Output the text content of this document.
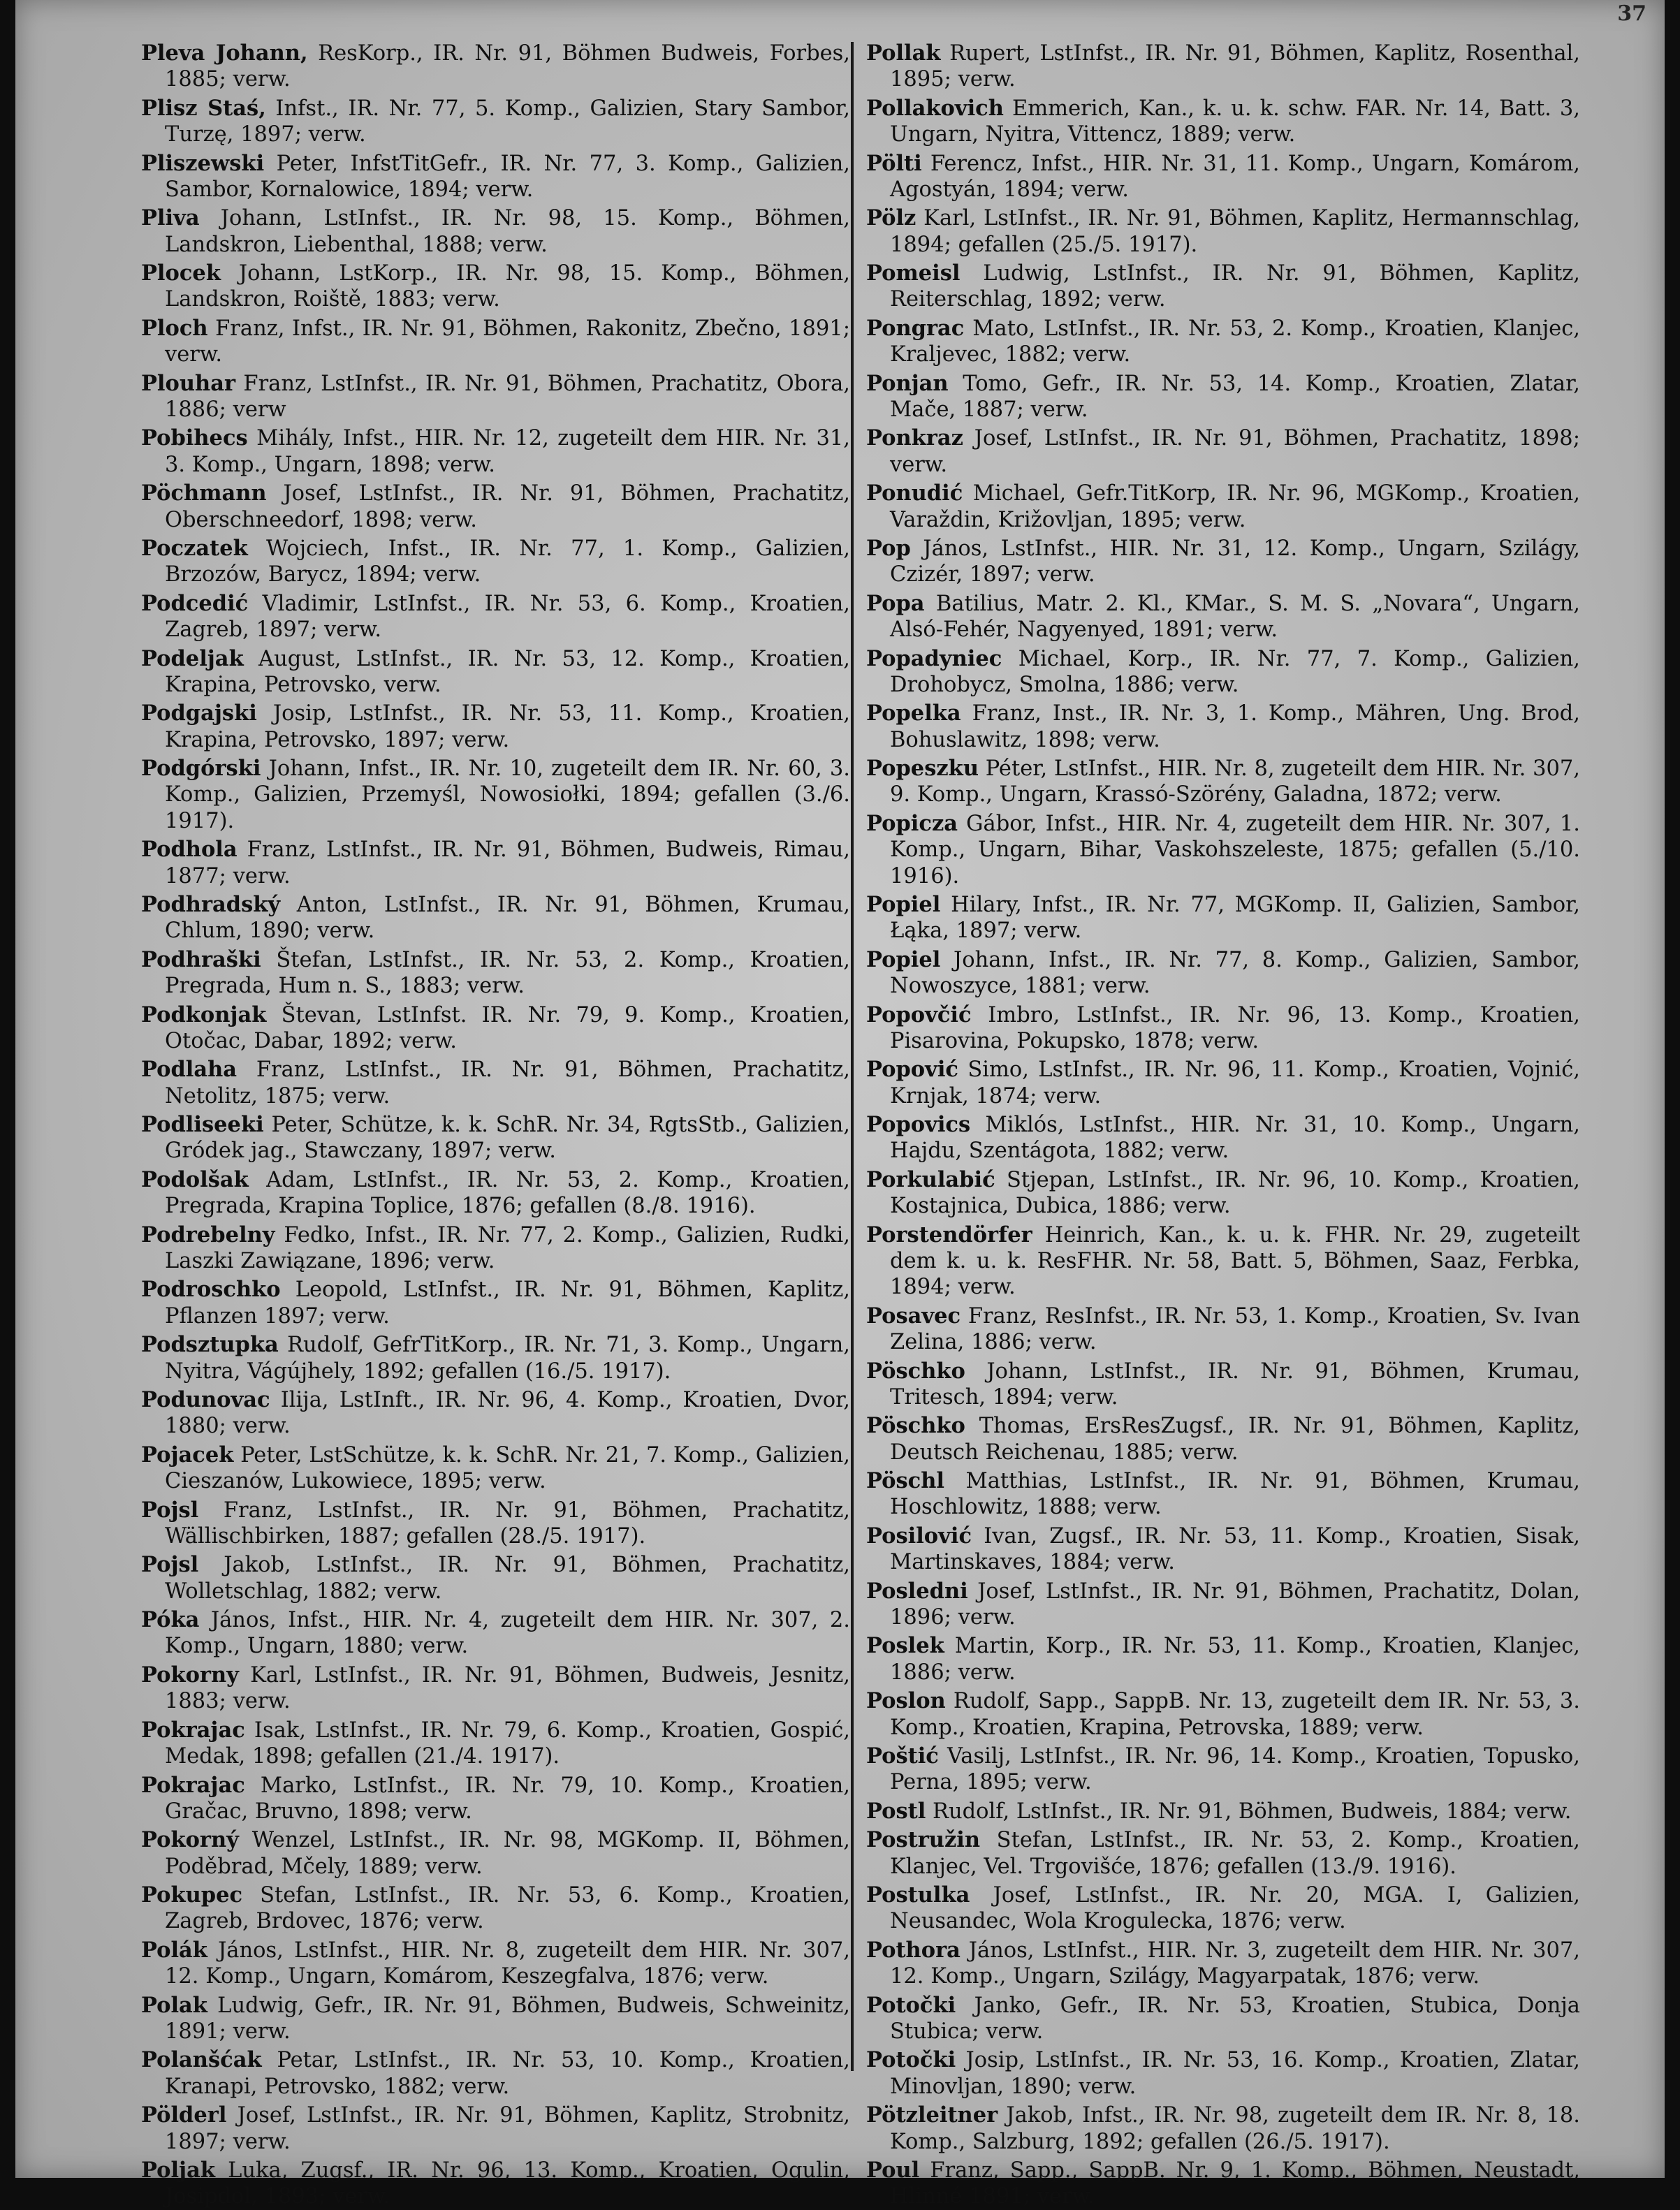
37

Pleva Johann, ResKorp., IR. Nr. 91, Böhmen Budweis, Forbes, 1885; verw.

Plisz Staś, Infst., IR. Nr. 77, 5. Komp., Galizien, Stary Sambor, Turzę, 1897; verw.

Pliszewski Peter, InfstTitGefr., IR. Nr. 77, 3. Komp., Galizien, Sambor, Kornalowice, 1894; verw.

Pliva Johann, LstInfst., IR. Nr. 98, 15. Komp., Böhmen, Landskron, Liebenthal, 1888; verw.

Plocek Johann, LstKorp., IR. Nr. 98, 15. Komp., Böhmen, Landskron, Roiště, 1883; verw.

Ploch Franz, Infst., IR. Nr. 91, Böhmen, Rakonitz, Zbečno, 1891; verw.

Plouhar Franz, LstInfst., IR. Nr. 91, Böhmen, Prachatitz, Obora, 1886; verw

Pobihecs Mihály, Infst., HIR. Nr. 12, zugeteilt dem HIR. Nr. 31, 3. Komp., Ungarn, 1898; verw.

Pöchmann Josef, LstInfst., IR. Nr. 91, Böhmen, Prachatitz, Oberschneedorf, 1898; verw.

Poczatek Wojciech, Infst., IR. Nr. 77, 1. Komp., Galizien, Brzozów, Barycz, 1894; verw.

Podcedić Vladimir, LstInfst., IR. Nr. 53, 6. Komp., Kroatien, Zagreb, 1897; verw.

Podeljak August, LstInfst., IR. Nr. 53, 12. Komp., Kroatien, Krapina, Petrovsko, verw.

Podgajski Josip, LstInfst., IR. Nr. 53, 11. Komp., Kroatien, Krapina, Petrovsko, 1897; verw.

Podgórski Johann, Infst., IR. Nr. 10, zugeteilt dem IR. Nr. 60, 3. Komp., Galizien, Przemyśl, Nowosiołki, 1894; gefallen (3./6. 1917).

Podhola Franz, LstInfst., IR. Nr. 91, Böhmen, Budweis, Rimau, 1877; verw.

Podhradský Anton, LstInfst., IR. Nr. 91, Böhmen, Krumau, Chlum, 1890; verw.

Podhraški Štefan, LstInfst., IR. Nr. 53, 2. Komp., Kroatien, Pregrada, Hum n. S., 1883; verw.

Podkonjak Števan, LstInfst. IR. Nr. 79, 9. Komp., Kroatien, Otočac, Dabar, 1892; verw.

Podlaha Franz, LstInfst., IR. Nr. 91, Böhmen, Prachatitz, Netolitz, 1875; verw.

Podliseeki Peter, Schütze, k. k. SchR. Nr. 34, RgtsStb., Galizien, Gródek jag., Stawczany, 1897; verw.

Podolšak Adam, LstInfst., IR. Nr. 53, 2. Komp., Kroatien, Pregrada, Krapina Toplice, 1876; gefallen (8./8. 1916).

Podrebelny Fedko, Infst., IR. Nr. 77, 2. Komp., Galizien, Rudki, Laszki Zawiązane, 1896; verw.

Podroschko Leopold, LstInfst., IR. Nr. 91, Böhmen, Kaplitz, Pflanzen 1897; verw.

Podsztupka Rudolf, GefrTitKorp., IR. Nr. 71, 3. Komp., Ungarn, Nyitra, Vágújhely, 1892; gefallen (16./5. 1917).

Podunovac Ilija, LstInft., IR. Nr. 96, 4. Komp., Kroatien, Dvor, 1880; verw.

Pojacek Peter, LstSchütze, k. k. SchR. Nr. 21, 7. Komp., Galizien, Cieszanów, Lukowiece, 1895; verw.

Pojsl Franz, LstInfst., IR. Nr. 91, Böhmen, Prachatitz, Wällischbirken, 1887; gefallen (28./5. 1917).

Pojsl Jakob, LstInfst., IR. Nr. 91, Böhmen, Prachatitz, Wolletschlag, 1882; verw.

Póka János, Infst., HIR. Nr. 4, zugeteilt dem HIR. Nr. 307, 2. Komp., Ungarn, 1880; verw.

Pokorny Karl, LstInfst., IR. Nr. 91, Böhmen, Budweis, Jesnitz, 1883; verw.

Pokrajac Isak, LstInfst., IR. Nr. 79, 6. Komp., Kroatien, Gospić, Medak, 1898; gefallen (21./4. 1917).

Pokrajac Marko, LstInfst., IR. Nr. 79, 10. Komp., Kroatien, Gračac, Bruvno, 1898; verw.

Pokorný Wenzel, LstInfst., IR. Nr. 98, MGKomp. II, Böhmen, Poděbrad, Mčely, 1889; verw.

Pokupec Stefan, LstInfst., IR. Nr. 53, 6. Komp., Kroatien, Zagreb, Brdovec, 1876; verw.

Polák János, LstInfst., HIR. Nr. 8, zugeteilt dem HIR. Nr. 307, 12. Komp., Ungarn, Komárom, Keszegfalva, 1876; verw.

Polak Ludwig, Gefr., IR. Nr. 91, Böhmen, Budweis, Schweinitz, 1891; verw.

Polanšćak Petar, LstInfst., IR. Nr. 53, 10. Komp., Kroatien, Kranapi, Petrovsko, 1882; verw.

Pölderl Josef, LstInfst., IR. Nr. 91, Böhmen, Kaplitz, Strobnitz, 1897; verw.

Poljak Luka, Zugsf., IR. Nr. 96, 13. Komp., Kroatien, Ogulin, Josipdol, 1893; verw.

Pollak Rupert, LstInfst., IR. Nr. 91, Böhmen, Kaplitz, Rosenthal, 1895; verw.

Pollakovich Emmerich, Kan., k. u. k. schw. FAR. Nr. 14, Batt. 3, Ungarn, Nyitra, Vittencz, 1889; verw.

Pölti Ferencz, Infst., HIR. Nr. 31, 11. Komp., Ungarn, Komárom, Agostyán, 1894; verw.

Pölz Karl, LstInfst., IR. Nr. 91, Böhmen, Kaplitz, Hermannschlag, 1894; gefallen (25./5. 1917).

Pomeisl Ludwig, LstInfst., IR. Nr. 91, Böhmen, Kaplitz, Reiterschlag, 1892; verw.

Pongrac Mato, LstInfst., IR. Nr. 53, 2. Komp., Kroatien, Klanjec, Kraljevec, 1882; verw.

Ponjan Tomo, Gefr., IR. Nr. 53, 14. Komp., Kroatien, Zlatar, Mače, 1887; verw.

Ponkraz Josef, LstInfst., IR. Nr. 91, Böhmen, Prachatitz, 1898; verw.

Ponudić Michael, Gefr.TitKorp, IR. Nr. 96, MGKomp., Kroatien, Varaždin, Križovljan, 1895; verw.

Pop János, LstInfst., HIR. Nr. 31, 12. Komp., Ungarn, Szilágy, Czizér, 1897; verw.

Popa Batilius, Matr. 2. Kl., KMar., S. M. S. „Novara“, Ungarn, Alsó-Fehér, Nagyenyed, 1891; verw.

Popadyniec Michael, Korp., IR. Nr. 77, 7. Komp., Galizien, Drohobycz, Smolna, 1886; verw.

Popelka Franz, Inst., IR. Nr. 3, 1. Komp., Mähren, Ung. Brod, Bohuslawitz, 1898; verw.

Popeszku Péter, LstInfst., HIR. Nr. 8, zugeteilt dem HIR. Nr. 307, 9. Komp., Ungarn, Krassó-Szörény, Galadna, 1872; verw.

Popicza Gábor, Infst., HIR. Nr. 4, zugeteilt dem HIR. Nr. 307, 1. Komp., Ungarn, Bihar, Vaskohszeleste, 1875; gefallen (5./10. 1916).

Popiel Hilary, Infst., IR. Nr. 77, MGKomp. II, Galizien, Sambor, Łąka, 1897; verw.

Popiel Johann, Infst., IR. Nr. 77, 8. Komp., Galizien, Sambor, Nowoszyce, 1881; verw.

Popovčić Imbro, LstInfst., IR. Nr. 96, 13. Komp., Kroatien, Pisarovina, Pokupsko, 1878; verw.

Popović Simo, LstInfst., IR. Nr. 96, 11. Komp., Kroatien, Vojnić, Krnjak, 1874; verw.

Popovics Miklós, LstInfst., HIR. Nr. 31, 10. Komp., Ungarn, Hajdu, Szentágota, 1882; verw.

Porkulabić Stjepan, LstInfst., IR. Nr. 96, 10. Komp., Kroatien, Kostajnica, Dubica, 1886; verw.

Porstendörfer Heinrich, Kan., k. u. k. FHR. Nr. 29, zugeteilt dem k. u. k. ResFHR. Nr. 58, Batt. 5, Böhmen, Saaz, Ferbka, 1894; verw.

Posavec Franz, ResInfst., IR. Nr. 53, 1. Komp., Kroatien, Sv. Ivan Zelina, 1886; verw.

Pöschko Johann, LstInfst., IR. Nr. 91, Böhmen, Krumau, Tritesch, 1894; verw.

Pöschko Thomas, ErsResZugsf., IR. Nr. 91, Böhmen, Kaplitz, Deutsch Reichenau, 1885; verw.

Pöschl Matthias, LstInfst., IR. Nr. 91, Böhmen, Krumau, Hoschlowitz, 1888; verw.

Posilović Ivan, Zugsf., IR. Nr. 53, 11. Komp., Kroatien, Sisak, Martinskaves, 1884; verw.

Posledni Josef, LstInfst., IR. Nr. 91, Böhmen, Prachatitz, Dolan, 1896; verw.

Poslek Martin, Korp., IR. Nr. 53, 11. Komp., Kroatien, Klanjec, 1886; verw.

Poslon Rudolf, Sapp., SappB. Nr. 13, zugeteilt dem IR. Nr. 53, 3. Komp., Kroatien, Krapina, Petrovska, 1889; verw.

Poštić Vasilj, LstInfst., IR. Nr. 96, 14. Komp., Kroatien, Topusko, Perna, 1895; verw.

Postl Rudolf, LstInfst., IR. Nr. 91, Böhmen, Budweis, 1884; verw.

Postružin Stefan, LstInfst., IR. Nr. 53, 2. Komp., Kroatien, Klanjec, Vel. Trgovišće, 1876; gefallen (13./9. 1916).

Postulka Josef, LstInfst., IR. Nr. 20, MGA. I, Galizien, Neusandec, Wola Krogulecka, 1876; verw.

Pothora János, LstInfst., HIR. Nr. 3, zugeteilt dem HIR. Nr. 307, 12. Komp., Ungarn, Szilágy, Magyarpatak, 1876; verw.

Potočki Janko, Gefr., IR. Nr. 53, Kroatien, Stubica, Donja Stubica; verw.

Potočki Josip, LstInfst., IR. Nr. 53, 16. Komp., Kroatien, Zlatar, Minovljan, 1890; verw.

Pötzleitner Jakob, Infst., IR. Nr. 98, zugeteilt dem IR. Nr. 8, 18. Komp., Salzburg, 1892; gefallen (26./5. 1917).

Poul Franz, Sapp., SappB. Nr. 9, 1. Komp., Böhmen, Neustadt, Hlinné 1891; verw.
